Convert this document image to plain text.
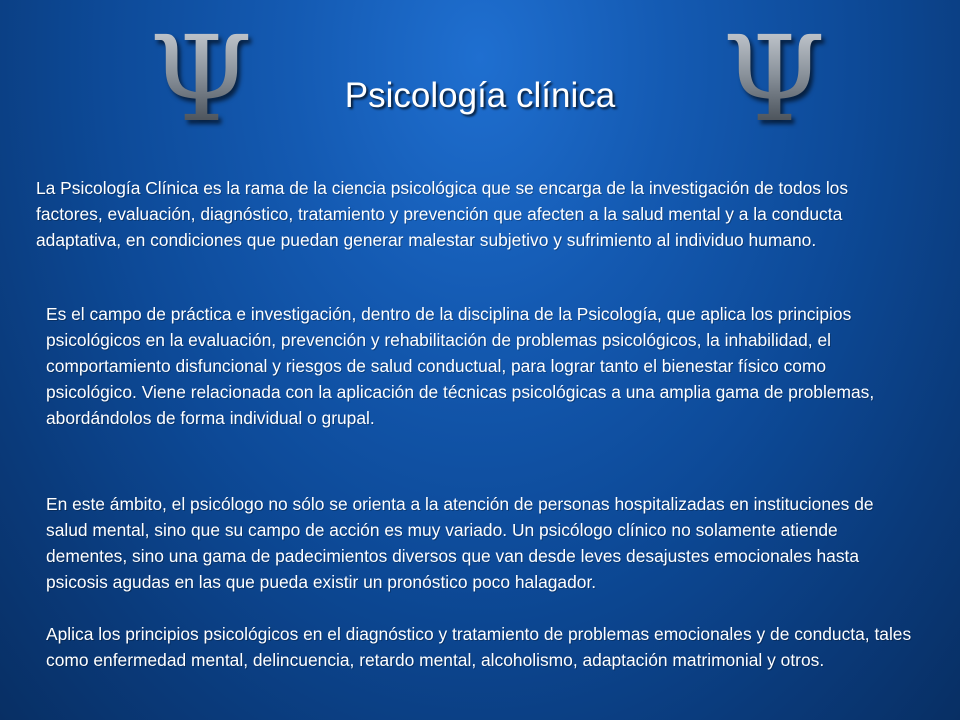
Ψ	Ψ
Psicología clínica

La Psicología Clínica es la rama de la ciencia psicológica que se encarga de la investigación de todos los factores, evaluación, diagnóstico, tratamiento y prevención que afecten a la salud mental y a la conducta adaptativa, en condiciones que puedan generar malestar subjetivo y sufrimiento al individuo humano.

Es el campo de práctica e investigación, dentro de la disciplina de la Psicología, que aplica los principios psicológicos en la evaluación, prevención y rehabilitación de problemas psicológicos, la inhabilidad, el comportamiento disfuncional y riesgos de salud conductual, para lograr tanto el bienestar físico como psicológico. Viene relacionada con la aplicación de técnicas psicológicas a una amplia gama de problemas, abordándolos de forma individual o grupal.

En este ámbito, el psicólogo no sólo se orienta a la atención de personas hospitalizadas en instituciones de salud mental, sino que su campo de acción es muy variado. Un psicólogo clínico no solamente atiende dementes, sino una gama de padecimientos diversos que van desde leves desajustes emocionales hasta psicosis agudas en las que pueda existir un pronóstico poco halagador.

Aplica los principios psicológicos en el diagnóstico y tratamiento de problemas emocionales y de conducta, tales como enfermedad mental, delincuencia, retardo mental, alcoholismo, adaptación matrimonial y otros.
